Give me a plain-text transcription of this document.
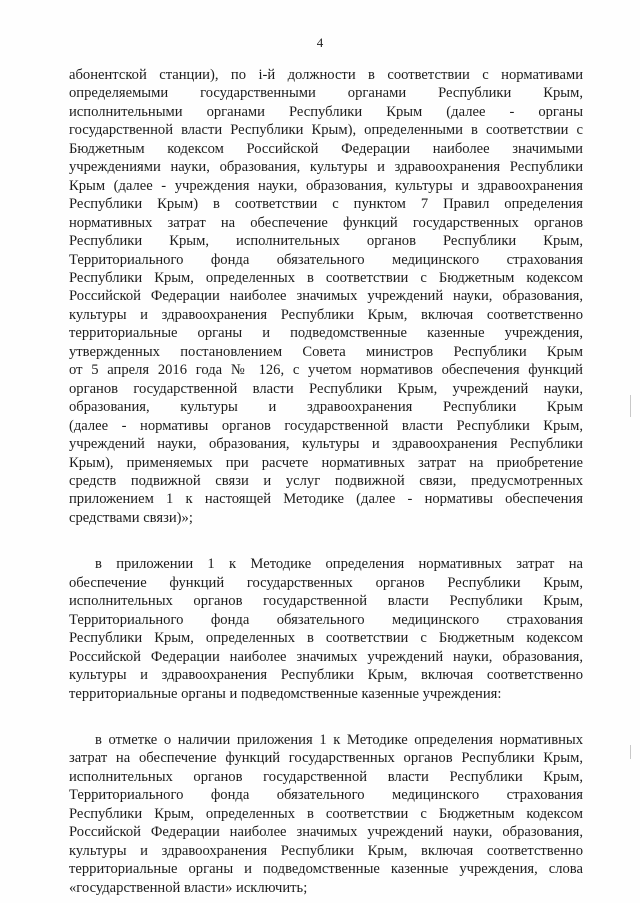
4
абонентской станции), по i-й должности в соответствии с нормативами
определяемыми государственными органами Республики Крым,
исполнительными органами Республики Крым (далее - органы
государственной власти Республики Крым), определенными в соответствии с
Бюджетным кодексом Российской Федерации наиболее значимыми
учреждениями науки, образования, культуры и здравоохранения Республики
Крым (далее - учреждения науки, образования, культуры и здравоохранения
Республики Крым) в соответствии с пунктом 7 Правил определения
нормативных затрат на обеспечение функций государственных органов
Республики Крым, исполнительных органов Республики Крым,
Территориального фонда обязательного медицинского страхования
Республики Крым, определенных в соответствии с Бюджетным кодексом
Российской Федерации наиболее значимых учреждений науки, образования,
культуры и здравоохранения Республики Крым, включая соответственно
территориальные органы и подведомственные казенные учреждения,
утвержденных постановлением Совета министров Республики Крым
от 5 апреля 2016 года № 126, с учетом нормативов обеспечения функций
органов государственной власти Республики Крым, учреждений науки,
образования, культуры и здравоохранения Республики Крым
(далее - нормативы органов государственной власти Республики Крым,
учреждений науки, образования, культуры и здравоохранения Республики
Крым), применяемых при расчете нормативных затрат на приобретение
средств подвижной связи и услуг подвижной связи, предусмотренных
приложением 1 к настоящей Методике (далее - нормативы обеспечения
средствами связи)»;
в приложении 1 к Методике определения нормативных затрат на
обеспечение функций государственных органов Республики Крым,
исполнительных органов государственной власти Республики Крым,
Территориального фонда обязательного медицинского страхования
Республики Крым, определенных в соответствии с Бюджетным кодексом
Российской Федерации наиболее значимых учреждений науки, образования,
культуры и здравоохранения Республики Крым, включая соответственно
территориальные органы и подведомственные казенные учреждения:
в отметке о наличии приложения 1 к Методике определения нормативных
затрат на обеспечение функций государственных органов Республики Крым,
исполнительных органов государственной власти Республики Крым,
Территориального фонда обязательного медицинского страхования
Республики Крым, определенных в соответствии с Бюджетным кодексом
Российской Федерации наиболее значимых учреждений науки, образования,
культуры и здравоохранения Республики Крым, включая соответственно
территориальные органы и подведомственные казенные учреждения, слова
«государственной власти» исключить;
